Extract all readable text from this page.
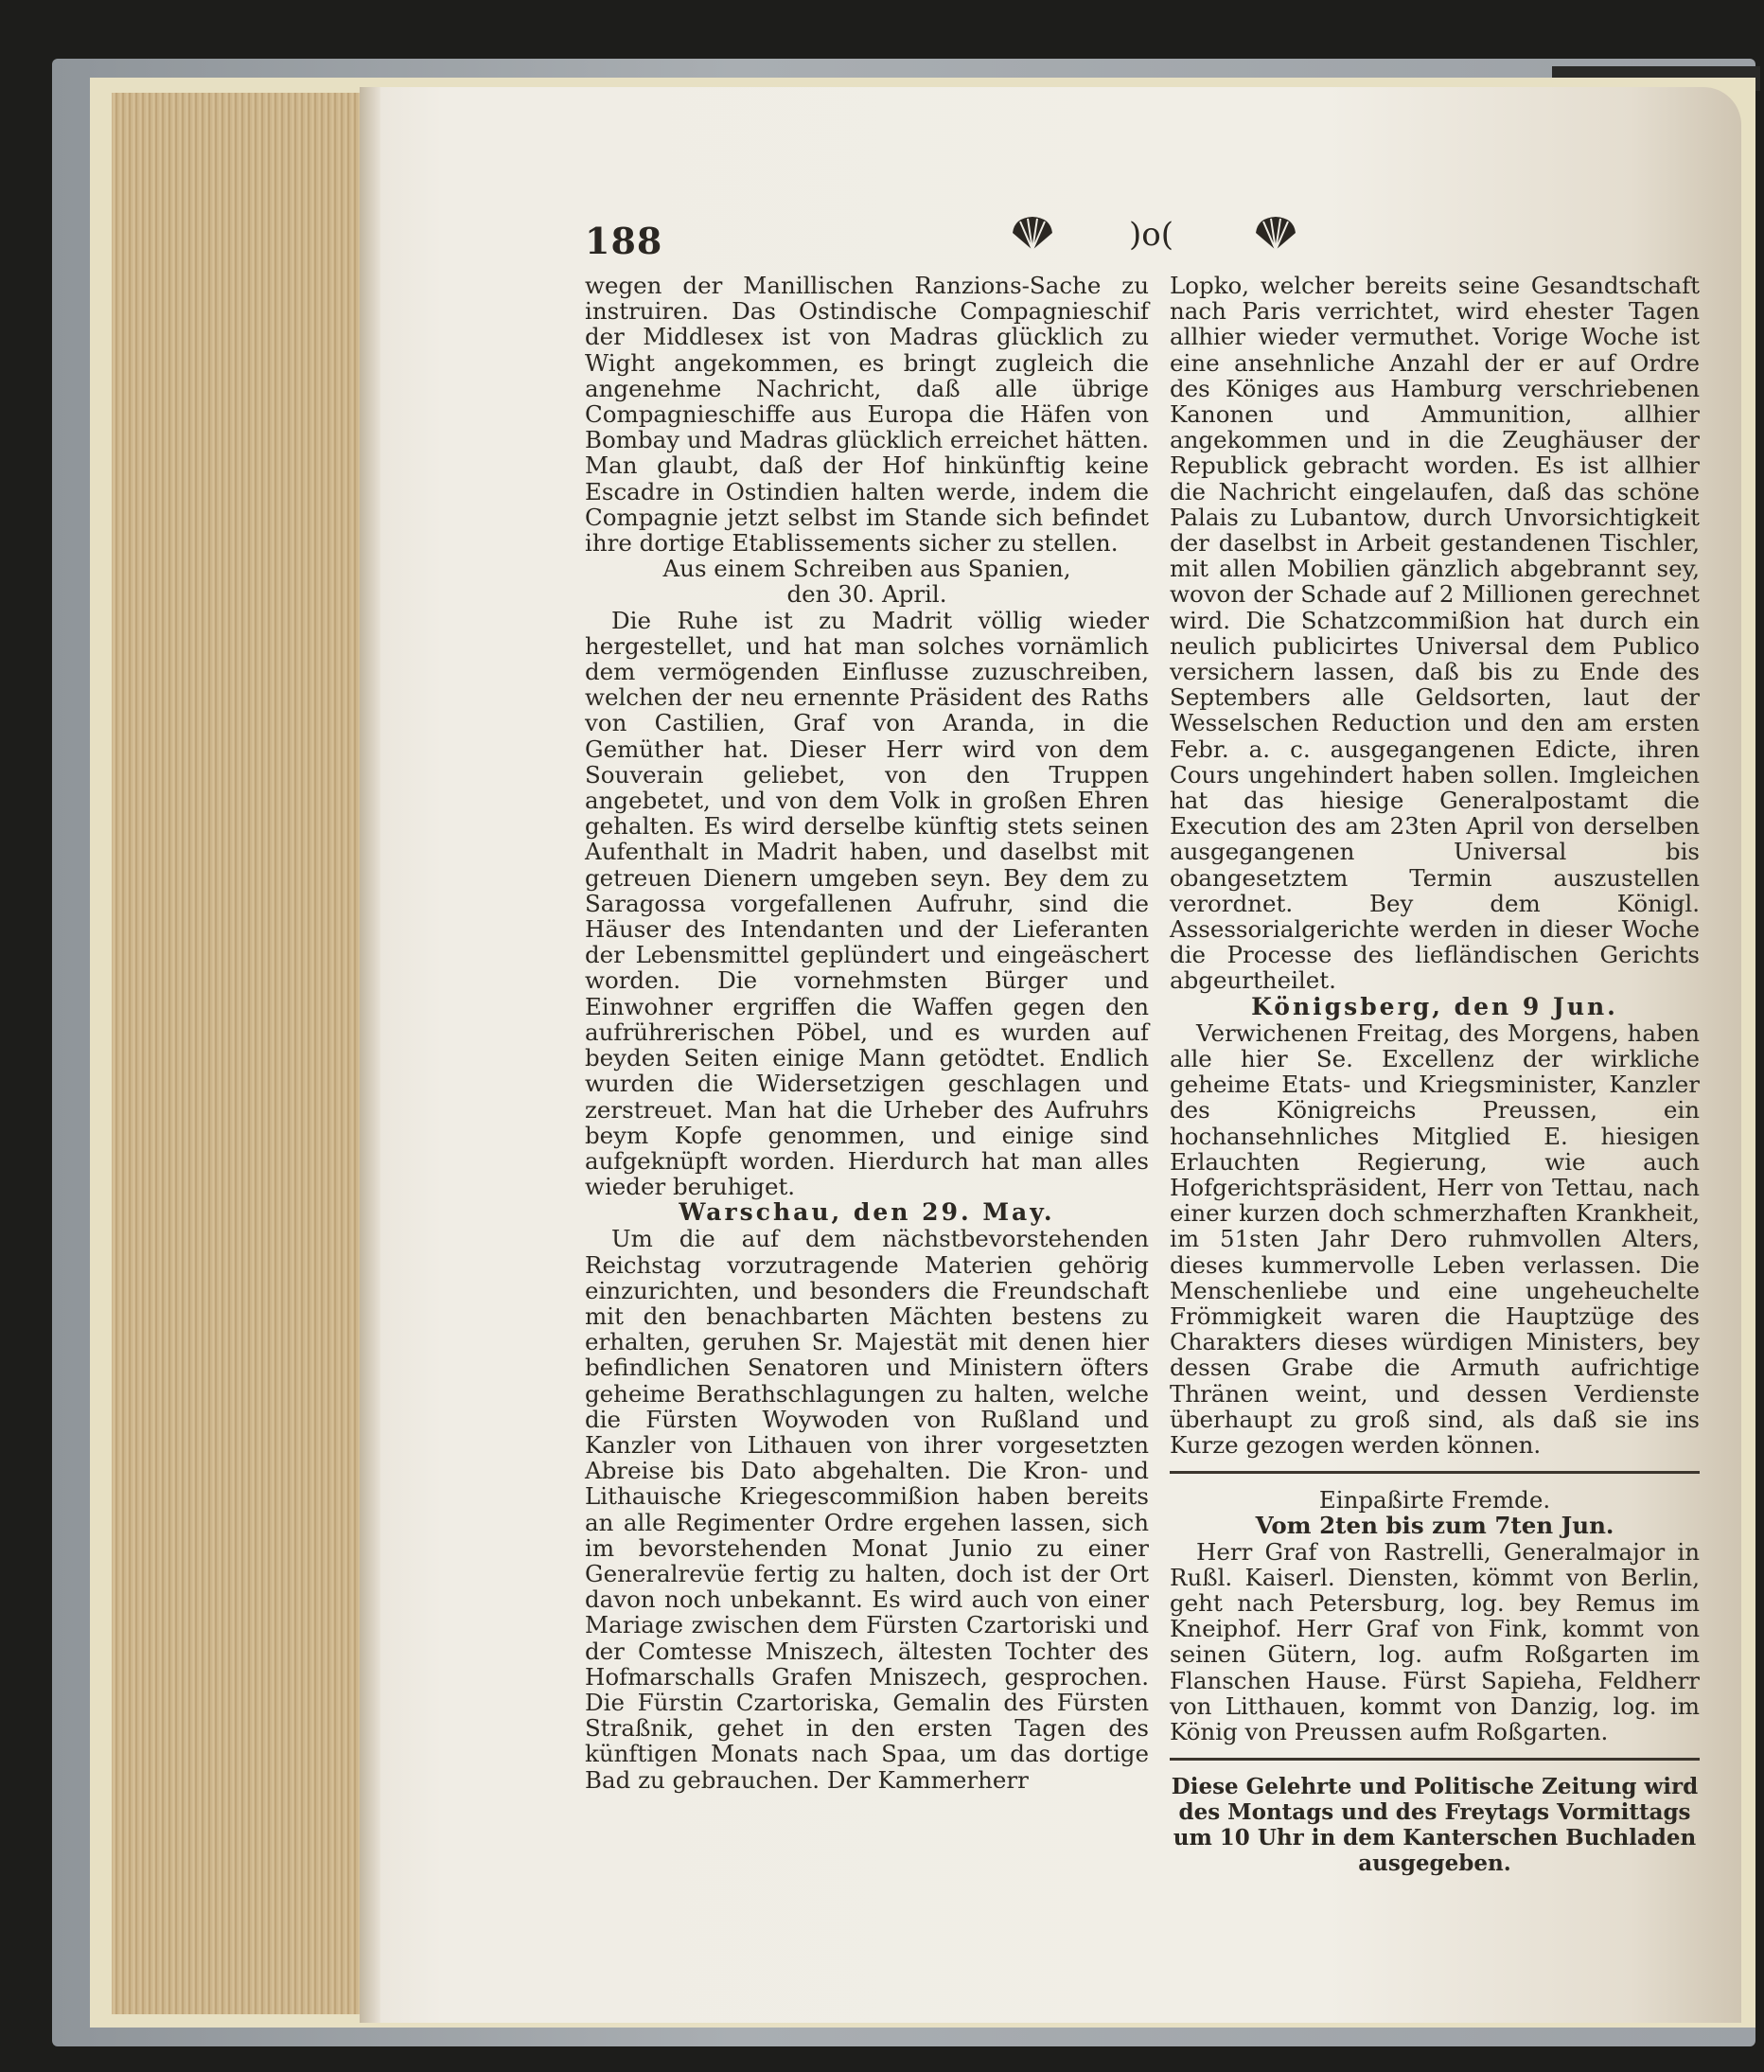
188	)o(

wegen der Manillischen Ranzions-Sache zu instruiren. Das Ostindische Compagnieschif der Middlesex ist von Madras glücklich zu Wight angekommen, es bringt zugleich die angenehme Nachricht, daß alle übrige Compagnieschiffe aus Europa die Häfen von Bombay und Madras glücklich erreichet hätten. Man glaubt, daß der Hof hinkünftig keine Escadre in Ostindien halten werde, indem die Compagnie jetzt selbst im Stande sich befindet ihre dortige Etablissements sicher zu stellen.

Aus einem Schreiben aus Spanien,

den 30. April.

Die Ruhe ist zu Madrit völlig wieder hergestellet, und hat man solches vornämlich dem vermögenden Einflusse zuzuschreiben, welchen der neu ernennte Präsident des Raths von Castilien, Graf von Aranda, in die Gemüther hat. Dieser Herr wird von dem Souverain geliebet, von den Truppen angebetet, und von dem Volk in großen Ehren gehalten. Es wird derselbe künftig stets seinen Aufenthalt in Madrit haben, und daselbst mit getreuen Dienern umgeben seyn. Bey dem zu Saragossa vorgefallenen Aufruhr, sind die Häuser des Intendanten und der Lieferanten der Lebensmittel geplündert und eingeäschert worden. Die vornehmsten Bürger und Einwohner ergriffen die Waffen gegen den aufrührerischen Pöbel, und es wurden auf beyden Seiten einige Mann getödtet. Endlich wurden die Widersetzigen geschlagen und zerstreuet. Man hat die Urheber des Aufruhrs beym Kopfe genommen, und einige sind aufgeknüpft worden. Hierdurch hat man alles wieder beruhiget.

Warschau, den 29. May.

Um die auf dem nächstbevorstehenden Reichstag vorzutragende Materien gehörig einzurichten, und besonders die Freundschaft mit den benachbarten Mächten bestens zu erhalten, geruhen Sr. Majestät mit denen hier befindlichen Senatoren und Ministern öfters geheime Berathschlagungen zu halten, welche die Fürsten Woywoden von Rußland und Kanzler von Lithauen von ihrer vorgesetzten Abreise bis Dato abgehalten. Die Kron- und Lithauische Kriegescommißion haben bereits an alle Regimenter Ordre ergehen lassen, sich im bevorstehenden Monat Junio zu einer Generalrevüe fertig zu halten, doch ist der Ort davon noch unbekannt. Es wird auch von einer Mariage zwischen dem Fürsten Czartoriski und der Comtesse Mniszech, ältesten Tochter des Hofmarschalls Grafen Mniszech, gesprochen. Die Fürstin Czartoriska, Gemalin des Fürsten Straßnik, gehet in den ersten Tagen des künftigen Monats nach Spaa, um das dortige Bad zu gebrauchen. Der Kammerherr

Lopko, welcher bereits seine Gesandtschaft nach Paris verrichtet, wird ehester Tagen allhier wieder vermuthet. Vorige Woche ist eine ansehnliche Anzahl der er auf Ordre des Königes aus Hamburg verschriebenen Kanonen und Ammunition, allhier angekommen und in die Zeughäuser der Republick gebracht worden. Es ist allhier die Nachricht eingelaufen, daß das schöne Palais zu Lubantow, durch Unvorsichtigkeit der daselbst in Arbeit gestandenen Tischler, mit allen Mobilien gänzlich abgebrannt sey, wovon der Schade auf 2 Millionen gerechnet wird. Die Schatzcommißion hat durch ein neulich publicirtes Universal dem Publico versichern lassen, daß bis zu Ende des Septembers alle Geldsorten, laut der Wesselschen Reduction und den am ersten Febr. a. c. ausgegangenen Edicte, ihren Cours ungehindert haben sollen. Imgleichen hat das hiesige Generalpostamt die Execution des am 23ten April von derselben ausgegangenen Universal bis obangesetztem Termin auszustellen verordnet. Bey dem Königl. Assessorialgerichte werden in dieser Woche die Processe des liefländischen Gerichts abgeurtheilet.

Königsberg, den 9 Jun.

Verwichenen Freitag, des Morgens, haben alle hier Se. Excellenz der wirkliche geheime Etats- und Kriegsminister, Kanzler des Königreichs Preussen, ein hochansehnliches Mitglied E. hiesigen Erlauchten Regierung, wie auch Hofgerichtspräsident, Herr von Tettau, nach einer kurzen doch schmerzhaften Krankheit, im 51sten Jahr Dero ruhmvollen Alters, dieses kummervolle Leben verlassen. Die Menschenliebe und eine ungeheuchelte Frömmigkeit waren die Hauptzüge des Charakters dieses würdigen Ministers, bey dessen Grabe die Armuth aufrichtige Thränen weint, und dessen Verdienste überhaupt zu groß sind, als daß sie ins Kurze gezogen werden können.

Einpaßirte Fremde.

Vom 2ten bis zum 7ten Jun.

Herr Graf von Rastrelli, Generalmajor in Rußl. Kaiserl. Diensten, kömmt von Berlin, geht nach Petersburg, log. bey Remus im Kneiphof. Herr Graf von Fink, kommt von seinen Gütern, log. aufm Roßgarten im Flanschen Hause. Fürst Sapieha, Feldherr von Litthauen, kommt von Danzig, log. im König von Preussen aufm Roßgarten.

Diese Gelehrte und Politische Zeitung wird des Montags und des Freytags Vormittags um 10 Uhr in dem Kanterschen Buchladen ausgegeben.
